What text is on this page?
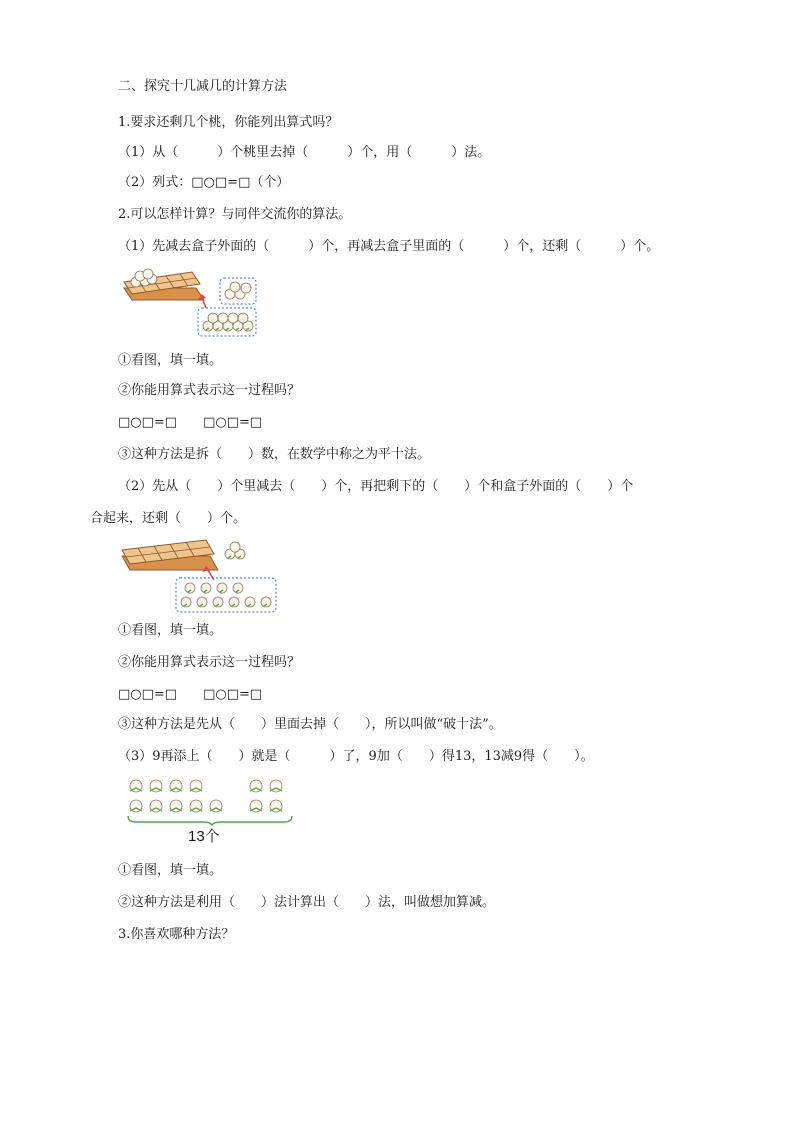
二、探究十几减几的计算方法
1.要求还剩几个桃，你能列出算式吗？
（1）从（　　　）个桃里去掉（　　　）个，用（　　　）法。
（2）列式：□○□=□（个）
2.可以怎样计算？与同伴交流你的算法。
（1）先减去盒子外面的（　　　）个，再减去盒子里面的（　　　）个，还剩（　　　）个。
①看图，填一填。
②你能用算式表示这一过程吗？
□○□=□　　□○□=□
③这种方法是拆（　　）数，在数学中称之为平十法。
（2）先从（　　）个里减去（　　）个，再把剩下的（　　）个和盒子外面的（　　）个
合起来，还剩（　　）个。
①看图，填一填。
②你能用算式表示这一过程吗？
□○□=□　　□○□=□
③这种方法是先从（　　）里面去掉（　　），所以叫做“破十法”。
（3）9再添上（　　）就是（　　　）了，9加（　　）得13，13减9得（　　）。
13个
①看图，填一填。
②这种方法是利用（　　）法计算出（　　）法，叫做想加算减。
3.你喜欢哪种方法？
